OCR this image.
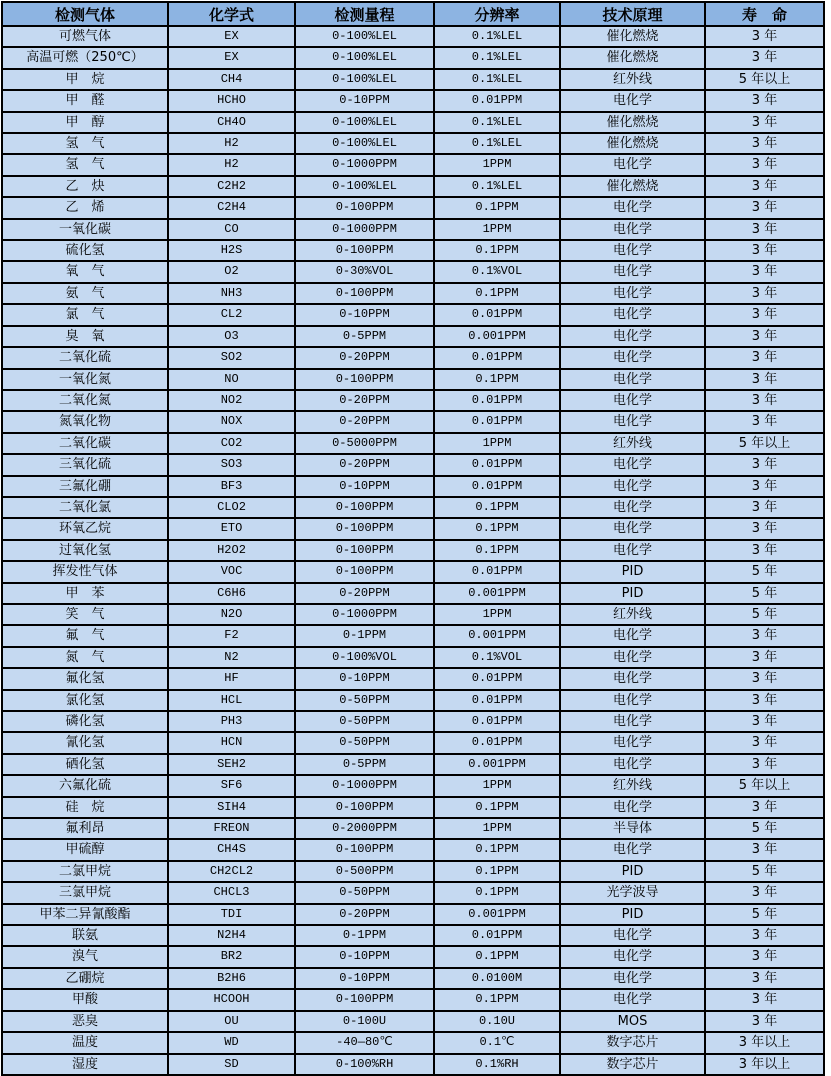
检测气体	化学式	检测量程	分辨率	技术原理	寿　命
可燃气体	EX	0-100%LEL	0.1%LEL	催化燃烧	3 年
高温可燃（250℃）	EX	0-100%LEL	0.1%LEL	催化燃烧	3 年
甲　烷	CH4	0-100%LEL	0.1%LEL	红外线	5 年以上
甲　醛	HCHO	0-10PPM	0.01PPM	电化学	3 年
甲　醇	CH4O	0-100%LEL	0.1%LEL	催化燃烧	3 年
氢　气	H2	0-100%LEL	0.1%LEL	催化燃烧	3 年
氢　气	H2	0-1000PPM	1PPM	电化学	3 年
乙　炔	C2H2	0-100%LEL	0.1%LEL	催化燃烧	3 年
乙　烯	C2H4	0-100PPM	0.1PPM	电化学	3 年
一氧化碳	CO	0-1000PPM	1PPM	电化学	3 年
硫化氢	H2S	0-100PPM	0.1PPM	电化学	3 年
氧　气	O2	0-30%VOL	0.1%VOL	电化学	3 年
氨　气	NH3	0-100PPM	0.1PPM	电化学	3 年
氯　气	CL2	0-10PPM	0.01PPM	电化学	3 年
臭　氧	O3	0-5PPM	0.001PPM	电化学	3 年
二氧化硫	SO2	0-20PPM	0.01PPM	电化学	3 年
一氧化氮	NO	0-100PPM	0.1PPM	电化学	3 年
二氧化氮	NO2	0-20PPM	0.01PPM	电化学	3 年
氮氧化物	NOX	0-20PPM	0.01PPM	电化学	3 年
二氧化碳	CO2	0-5000PPM	1PPM	红外线	5 年以上
三氧化硫	SO3	0-20PPM	0.01PPM	电化学	3 年
三氟化硼	BF3	0-10PPM	0.01PPM	电化学	3 年
二氧化氯	CLO2	0-100PPM	0.1PPM	电化学	3 年
环氧乙烷	ETO	0-100PPM	0.1PPM	电化学	3 年
过氧化氢	H2O2	0-100PPM	0.1PPM	电化学	3 年
挥发性气体	VOC	0-100PPM	0.01PPM	PID	5 年
甲　苯	C6H6	0-20PPM	0.001PPM	PID	5 年
笑　气	N2O	0-1000PPM	1PPM	红外线	5 年
氟　气	F2	0-1PPM	0.001PPM	电化学	3 年
氮　气	N2	0-100%VOL	0.1%VOL	电化学	3 年
氟化氢	HF	0-10PPM	0.01PPM	电化学	3 年
氯化氢	HCL	0-50PPM	0.01PPM	电化学	3 年
磷化氢	PH3	0-50PPM	0.01PPM	电化学	3 年
氰化氢	HCN	0-50PPM	0.01PPM	电化学	3 年
硒化氢	SEH2	0-5PPM	0.001PPM	电化学	3 年
六氟化硫	SF6	0-1000PPM	1PPM	红外线	5 年以上
硅　烷	SIH4	0-100PPM	0.1PPM	电化学	3 年
氟利昂	FREON	0-2000PPM	1PPM	半导体	5 年
甲硫醇	CH4S	0-100PPM	0.1PPM	电化学	3 年
二氯甲烷	CH2CL2	0-500PPM	0.1PPM	PID	5 年
三氯甲烷	CHCL3	0-50PPM	0.1PPM	光学波导	3 年
甲苯二异氰酸酯	TDI	0-20PPM	0.001PPM	PID	5 年
联氨	N2H4	0-1PPM	0.01PPM	电化学	3 年
溴气	BR2	0-10PPM	0.1PPM	电化学	3 年
乙硼烷	B2H6	0-10PPM	0.0100M	电化学	3 年
甲酸	HCOOH	0-100PPM	0.1PPM	电化学	3 年
恶臭	OU	0-100U	0.10U	MOS	3 年
温度	WD	-40—80℃	0.1℃	数字芯片	3 年以上
湿度	SD	0-100%RH	0.1%RH	数字芯片	3 年以上
